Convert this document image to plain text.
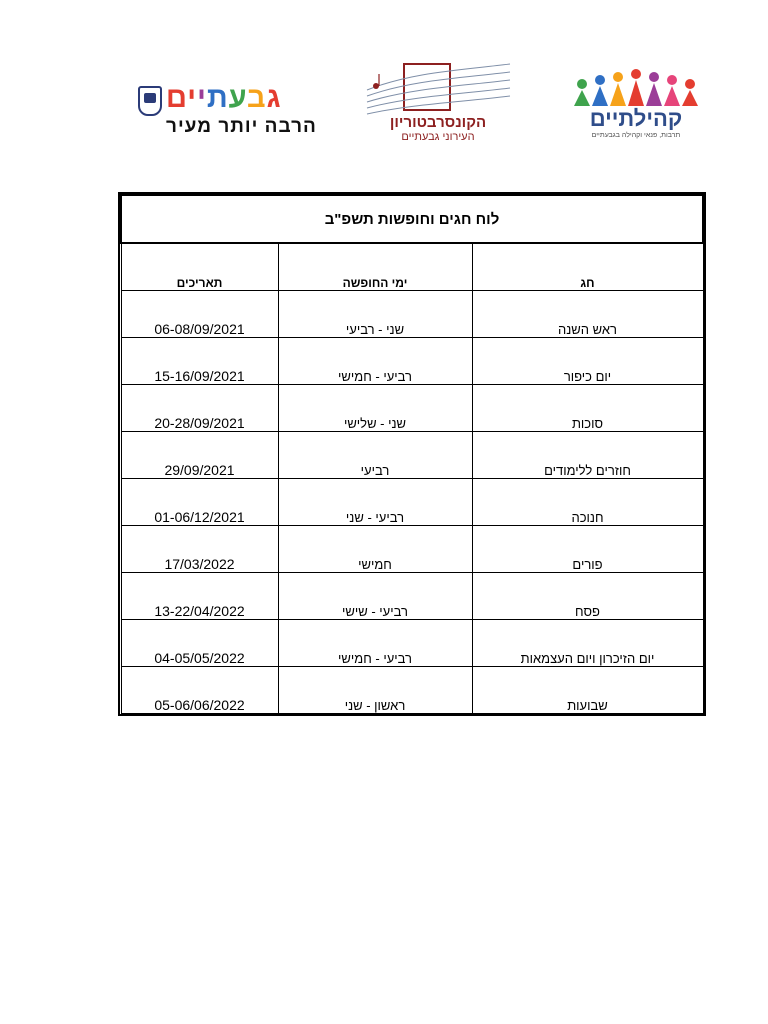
גבעתיים
הרבה יותר מעיר	הקונסרבטוריון
העירוני גבעתיים
קהילתיים
תרבות, פנאי וקהילה בגבעתיים
לוח חגים וחופשות תשפ"ב		
חג	ימי החופשה	תאריכים
ראש השנה	שני - רביעי	06-08/09/2021
יום כיפור	רביעי - חמישי	15-16/09/2021
סוכות	שני - שלישי	20-28/09/2021
חוזרים ללימודים	רביעי	29/09/2021
חנוכה	רביעי - שני	01-06/12/2021
פורים	חמישי	17/03/2022
פסח	רביעי - שישי	13-22/04/2022
יום הזיכרון ויום העצמאות	רביעי - חמישי	04-05/05/2022
שבועות	ראשון - שני	05-06/06/2022
